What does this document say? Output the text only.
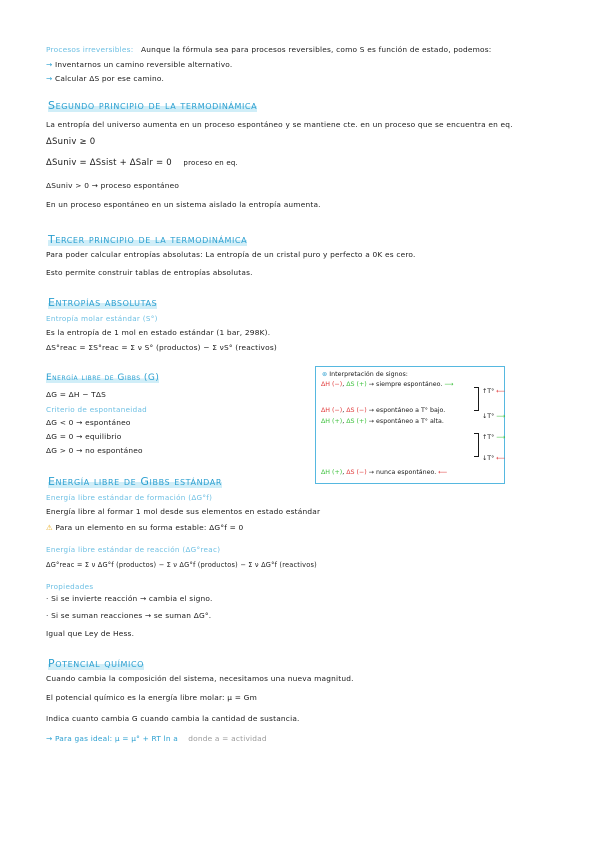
Procesos irreversibles: Aunque la fórmula sea para procesos reversibles, como S es función de estado, podemos:
→ Inventarnos un camino reversible alternativo.
→ Calcular ΔS por ese camino.
Segundo principio de la termodinámica
La entropía del universo aumenta en un proceso espontáneo y se mantiene cte. en un proceso que se encuentra en eq.
ΔSuniv ≥ 0
ΔSuniv = ΔSsist + ΔSalr = 0 proceso en eq.
ΔSuniv > 0 → proceso espontáneo
En un proceso espontáneo en un sistema aislado la entropía aumenta.
Tercer principio de la termodinámica
Para poder calcular entropías absolutas: La entropía de un cristal puro y perfecto a 0K es cero.
Esto permite construir tablas de entropías absolutas.
Entropías absolutas
Entropía molar estándar (S°)
Es la entropía de 1 mol en estado estándar (1 bar, 298K).
ΔS°reac = ΣS°reac = Σ ν S° (productos) − Σ νS° (reactivos)
Energía libre de Gibbs (G)
ΔG = ΔH − TΔS
Criterio de espontaneidad
ΔG < 0 → espontáneo
ΔG = 0 → equilibrio
ΔG > 0 → no espontáneo
⊛ Interpretación de signos:
ΔH (−), ΔS (+) → siempre espontáneo. ⟶
ΔH (−), ΔS (−) → espontáneo a T° bajo.
↑T° ⟵
↓T° ⟶
ΔH (+), ΔS (+) → espontáneo a T° alta.
↑T° ⟶
↓T° ⟵
ΔH (+), ΔS (−) → nunca espontáneo. ⟵
Energía libre de Gibbs estándar
Energía libre estándar de formación (ΔG°f)
Energía libre al formar 1 mol desde sus elementos en estado estándar
⚠ Para un elemento en su forma estable: ΔG°f = 0
Energía libre estándar de reacción (ΔG°reac)
ΔG°reac = Σ ν ΔG°f (productos) − Σ ν ΔG°f (productos) − Σ ν ΔG°f (reactivos)
Propiedades
· Si se invierte reacción → cambia el signo.
· Si se suman reacciones → se suman ΔG°.
Igual que Ley de Hess.
Potencial químico
Cuando cambia la composición del sistema, necesitamos una nueva magnitud.
El potencial químico es la energía libre molar: μ = Gm
Indica cuanto cambia G cuando cambia la cantidad de sustancia.
→ Para gas ideal: μ = μ° + RT ln a donde a = actividad
